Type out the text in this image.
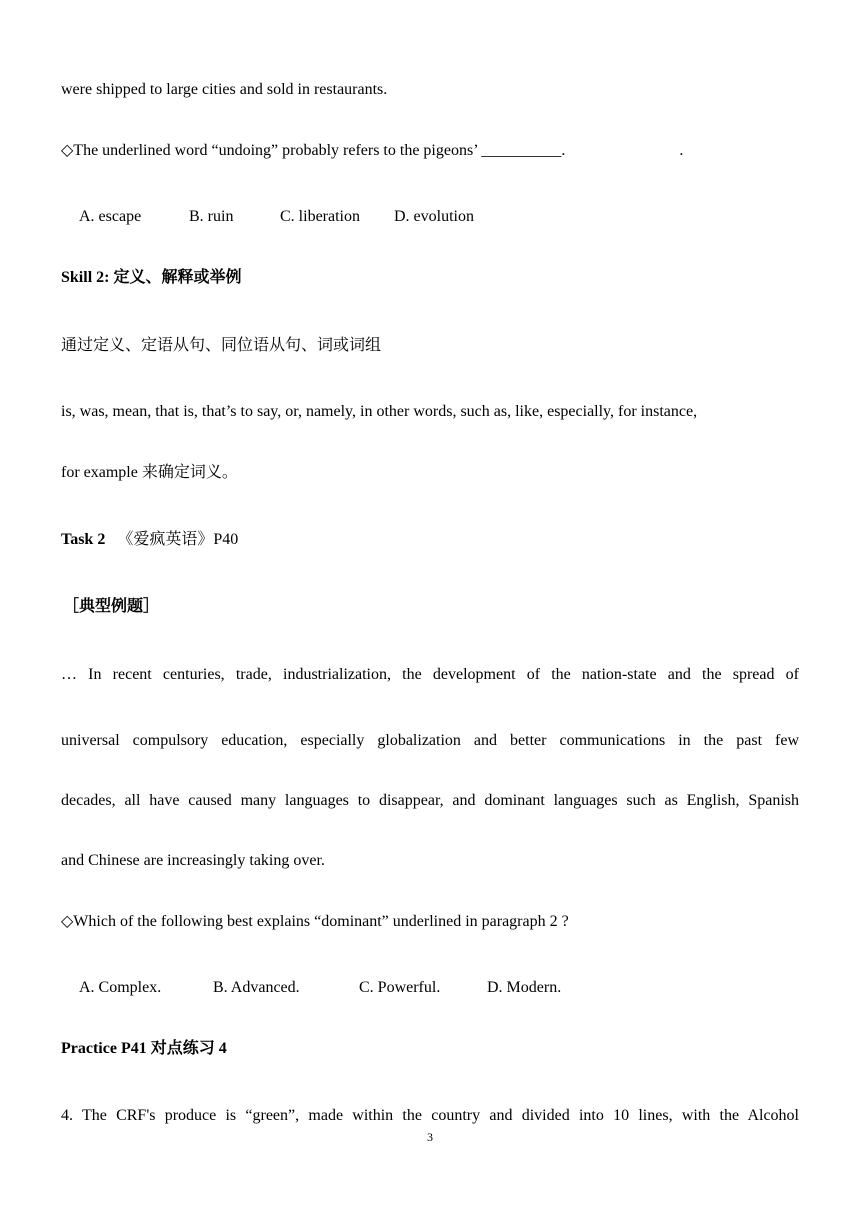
were shipped to large cities and sold in restaurants.
◇The underlined word “undoing” probably refers to the pigeons’ __________.	.
A. escape	B. ruin	C. liberation D. evolution
Skill 2: 定义、解释或举例
通过定义、定语从句、同位语从句、词或词组
is, was, mean, that is, that’s to say, or, namely, in other words, such as, like, especially, for instance,
for example 来确定词义。
Task 2 《爱疯英语》P40
［典型例题］
… In recent centuries, trade, industrialization, the development of the nation-state and the spread of
universal compulsory education, especially globalization and better communications in the past few
decades, all have caused many languages to disappear, and dominant languages such as English, Spanish
and Chinese are increasingly taking over.
◇Which of the following best explains “dominant” underlined in paragraph 2 ?
A. Complex.	B. Advanced.	C. Powerful.	D. Modern.
Practice P41 对点练习 4
4. The CRF's produce is “green”, made within the country and divided into 10 lines, with the Alcohol
3
